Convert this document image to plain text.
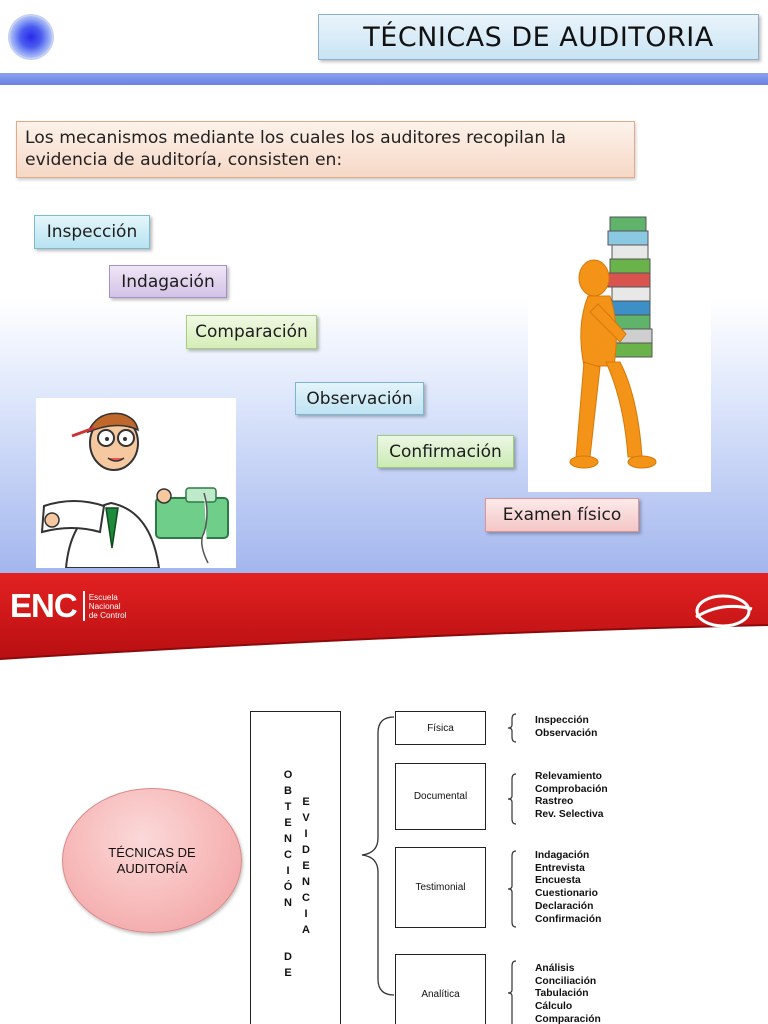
TÉCNICAS DE AUDITORIA

Los mecanismos mediante los cuales los auditores recopilan la evidencia de auditoría, consisten en:

Inspección
Indagación
Comparación
Observación
Confirmación
Examen físico
ENC Escuela
Nacional
de Control
TÉCNICAS DE
AUDITORÍA
O
B
T
E
N
C
I
Ó
N
D
E
E
V
I
D
E
N
C
I
A
Física
Documental
Testimonial
Analítica
Inspección
Observación
Relevamiento
Comprobación
Rastreo
Rev. Selectiva
Indagación
Entrevista
Encuesta
Cuestionario
Declaración
Confirmación
Análisis
Conciliación
Tabulación
Cálculo
Comparación
